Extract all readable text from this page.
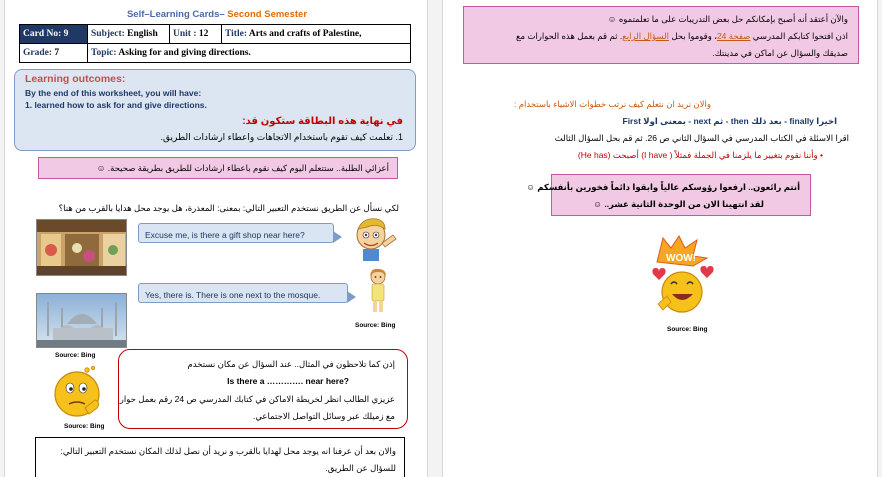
Self–Learning Cards– Second Semester
Card No: 9	Subject: English	Unit : 12	Title: Arts and crafts of Palestine,
Grade: 7	Topic: Asking for and giving directions.		
Learning outcomes:
By the end of this worksheet, you will have:
1. learned how to ask for and give directions.
في نهاية هذه البطاقة ستكون قد:
1. تعلمت كيف تقوم باستخدام الاتجاهات واعطاء ارشادات الطريق.
أعزائي الطلبة.. ستتعلم اليوم كيف نقوم باعطاء ارشادات للطريق بطريقة صحيحة. ☺
لكي نسأل عن الطريق نستخدم التعبير التالي: بمعنى: المعذرة، هل يوجد محل هدايا بالقرب من هنا؟
Excuse me, is there a gift shop near here?
Source: Bing
Yes, there is. There is one next to the mosque.
Source: Bing
Source: Bing
إذن كما تلاحظون في المثال.. عند السؤال عن مكان نستخدم
Is there a …………. near here?
عزيزي الطالب انظر لخريطة الاماكن في كتابك المدرسي ص 24 رقم بعمل حوار
مع زميلك عبر وسائل التواصل الاجتماعي.
والان بعد أن عرفنا انه يوجد محل لهدايا بالقرب و نريد أن نصل لذلك المكان نستخدم التعبير التالي:
للسؤال عن الطريق.
والآن أعتقد أنه أصبح بإمكانكم حل بعض التدريبات على ما تعلمتموه ☺
اذن افتحوا كتابكم المدرسي صفحة 24، وقوموا بحل السؤال الرابع. ثم قم بعمل هذه الحوارات مع
صديقك والسؤال عن اماكن في مدينتك.
والان نريد ان نتعلم كيف نرتب خطوات الاشياء باستخدام :
First بمعنى اولا - next ثم - then بعد ذلك - finally اخيرا
اقرا الاسئلة في الكتاب المدرسي في السؤال الثاني ص 26. ثم قم بحل السؤال الثالث
• وأننا نقوم بتغيير ما يلزمنا في الجملة فمثلاً ( I have) أصبحت (He has)
أنتم رائعون.. ارفعوا رؤوسكم عالياً وابقوا دائماً فخورين بأنفسكم ☺
لقد انتهينا الان من الوحدة الثانية عشر.. ☺
WOW!
Source: Bing
